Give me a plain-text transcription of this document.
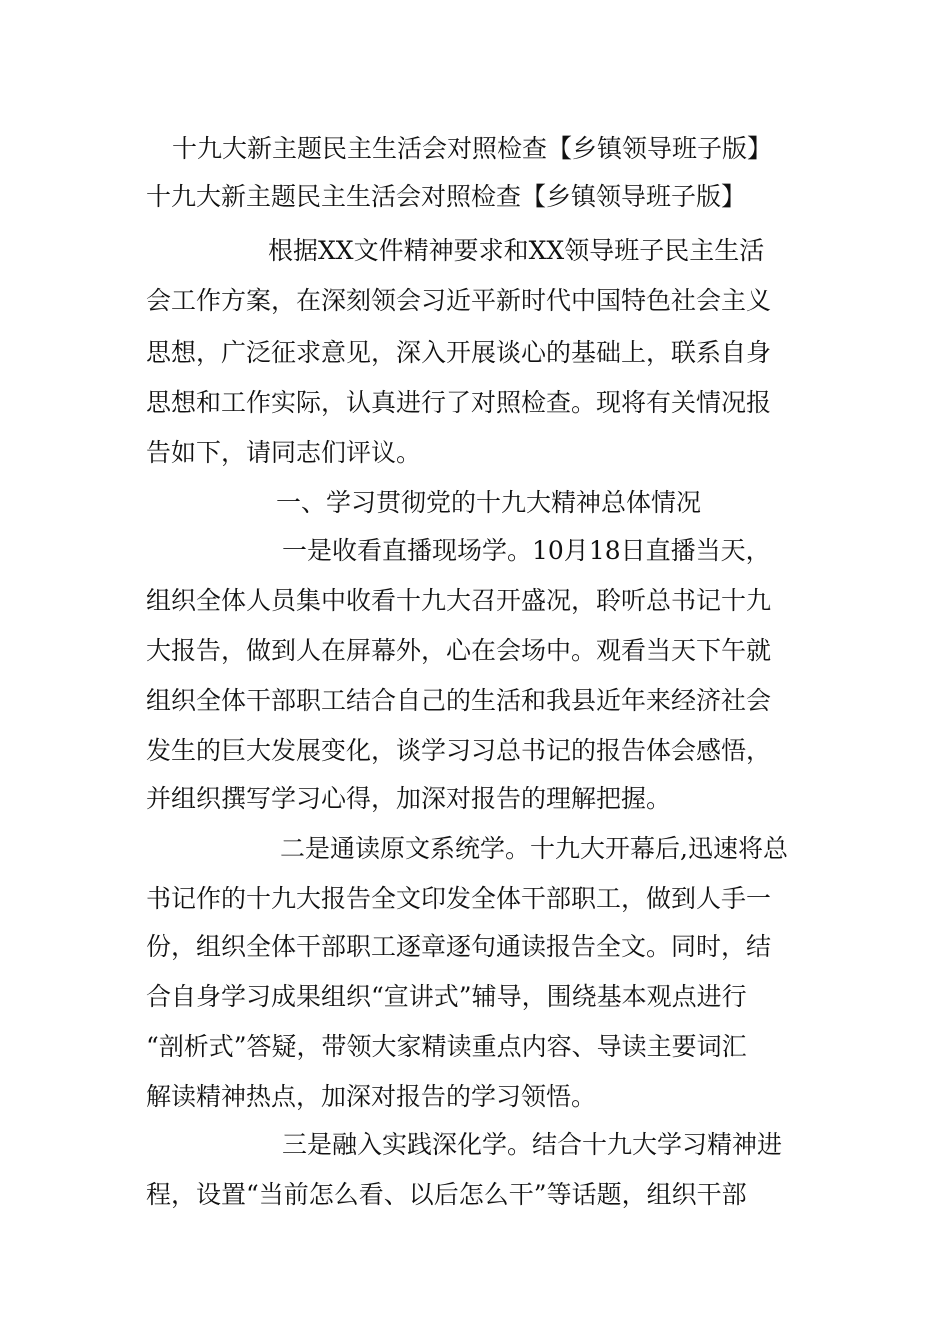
十九大新主题民主生活会对照检查【乡镇领导班子版】
十九大新主题民主生活会对照检查【乡镇领导班子版】
根据XX文件精神要求和XX领导班子民主生活
会工作方案，在深刻领会习近平新时代中国特色社会主义
思想，广泛征求意见，深入开展谈心的基础上，联系自身
思想和工作实际，认真进行了对照检查。现将有关情况报
告如下，请同志们评议。
一、学习贯彻党的十九大精神总体情况
一是收看直播现场学。10月18日直播当天，
组织全体人员集中收看十九大召开盛况，聆听总书记十九
大报告，做到人在屏幕外，心在会场中。观看当天下午就
组织全体干部职工结合自己的生活和我县近年来经济社会
发生的巨大发展变化，谈学习习总书记的报告体会感悟，
并组织撰写学习心得，加深对报告的理解把握。
二是通读原文系统学。十九大开幕后,迅速将总
书记作的十九大报告全文印发全体干部职工，做到人手一
份，组织全体干部职工逐章逐句通读报告全文。同时，结
合自身学习成果组织“宣讲式”辅导，围绕基本观点进行
“剖析式”答疑，带领大家精读重点内容、导读主要词汇
解读精神热点，加深对报告的学习领悟。
三是融入实践深化学。结合十九大学习精神进
程，设置“当前怎么看、以后怎么干”等话题，组织干部
